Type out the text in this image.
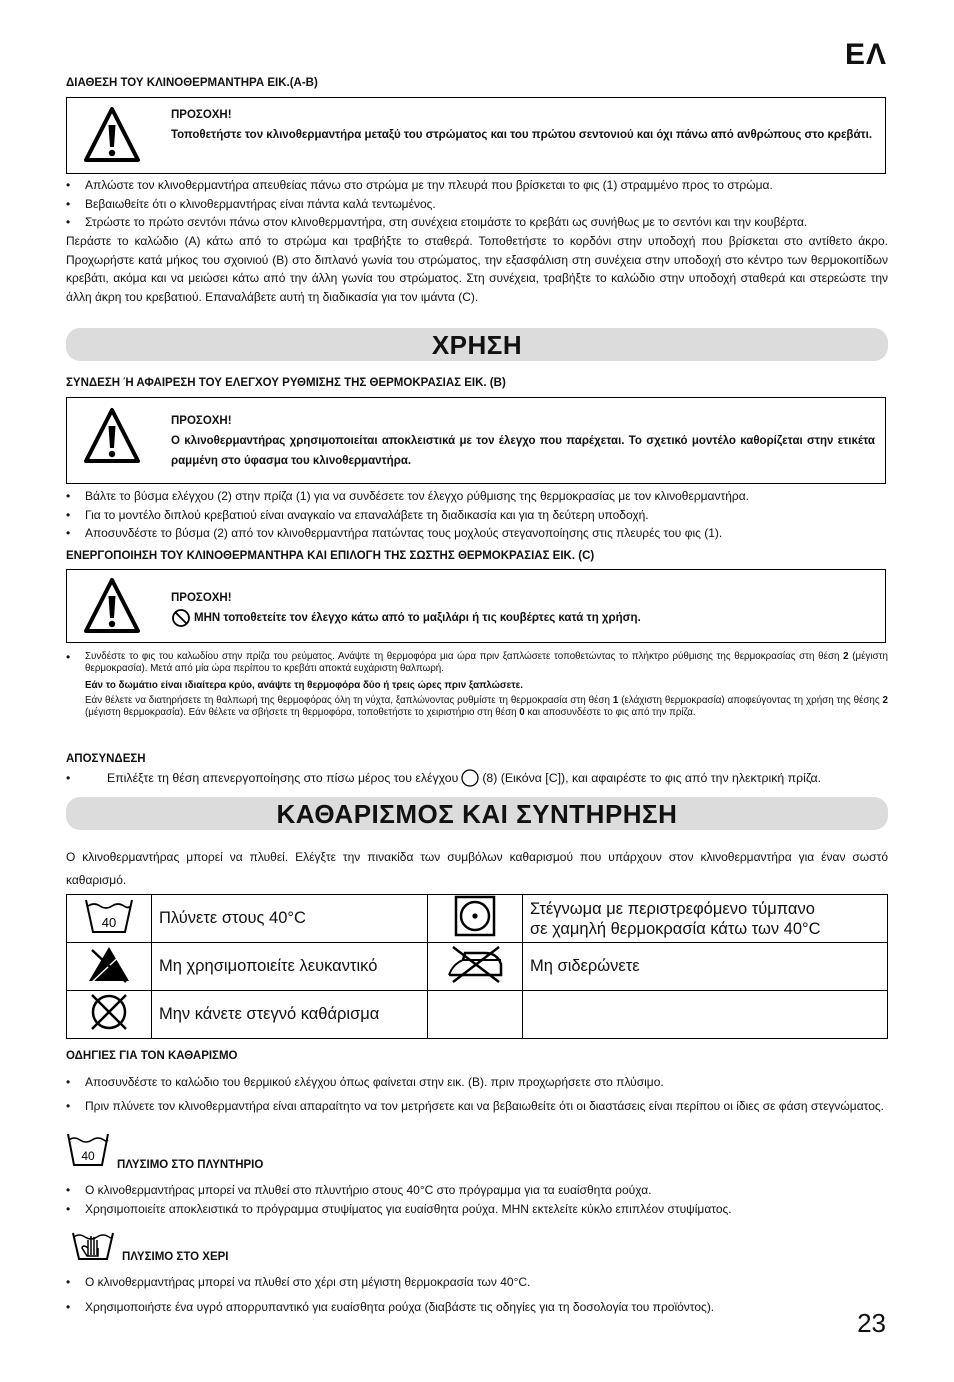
ΕΛ
23
ΔΙΑΘΕΣΗ ΤΟΥ ΚΛΙΝΟΘΕΡΜΑΝΤΗΡΑ ΕΙΚ.(A-B)
ΠΡΟΣΟΧΗ!
Τοποθετήστε τον κλινοθερμαντήρα μεταξύ του στρώματος και του πρώτου σεντονιού και όχι πάνω από ανθρώπους στο κρεβάτι.
• Απλώστε τον κλινοθερμαντήρα απευθείας πάνω στο στρώμα με την πλευρά που βρίσκεται το φις (1) στραμμένο προς το στρώμα.
• Βεβαιωθείτε ότι ο κλινοθερμαντήρας είναι πάντα καλά τεντωμένος.
• Στρώστε το πρώτο σεντόνι πάνω στον κλινοθερμαντήρα, στη συνέχεια ετοιμάστε το κρεβάτι ως συνήθως με το σεντόνι και την κουβέρτα.
Περάστε το καλώδιο (A) κάτω από το στρώμα και τραβήξτε το σταθερά. Τοποθετήστε το κορδόνι στην υποδοχή που βρίσκεται στο αντίθετο άκρο. Προχωρήστε κατά μήκος του σχοινιού (B) στο διπλανό γωνία του στρώματος, την εξασφάλιση στη συνέχεια στην υποδοχή στο κέντρο των θερμοκοιτίδων κρεβάτι, ακόμα και να μειώσει κάτω από την άλλη γωνία του στρώματος. Στη συνέχεια, τραβήξτε το καλώδιο στην υποδοχή σταθερά και στερεώστε την άλλη άκρη του κρεβατιού. Επαναλάβετε αυτή τη διαδικασία για τον ιμάντα (C).
ΧΡΗΣΗ
ΣΥΝΔΕΣΗ Ή ΑΦΑΙΡΕΣΗ ΤΟΥ ΕΛΕΓΧΟΥ ΡΥΘΜΙΣΗΣ ΤΗΣ ΘΕΡΜΟΚΡΑΣΙΑΣ ΕΙΚ. (B)
ΠΡΟΣΟΧΗ!
Ο κλινοθερμαντήρας χρησιμοποιείται αποκλειστικά με τον έλεγχο που παρέχεται. Το σχετικό μοντέλο καθορίζεται στην ετικέτα ραμμένη στο ύφασμα του κλινοθερμαντήρα.
• Βάλτε το βύσμα ελέγχου (2) στην πρίζα (1) για να συνδέσετε τον έλεγχο ρύθμισης της θερμοκρασίας με τον κλινοθερμαντήρα.
• Για το μοντέλο διπλού κρεβατιού είναι αναγκαίο να επαναλάβετε τη διαδικασία και για τη δεύτερη υποδοχή.
• Αποσυνδέστε το βύσμα (2) από τον κλινοθερμαντήρα πατώντας τους μοχλούς στεγανοποίησης στις πλευρές του φις (1).
ΕΝΕΡΓΟΠΟΙΗΣΗ ΤΟΥ ΚΛΙΝΟΘΕΡΜΑΝΤΗΡΑ ΚΑΙ ΕΠΙΛΟΓΗ ΤΗΣ ΣΩΣΤΗΣ ΘΕΡΜΟΚΡΑΣΙΑΣ ΕΙΚ. (C)
ΠΡΟΣΟΧΗ!
ΜΗΝ τοποθετείτε τον έλεγχο κάτω από το μαξιλάρι ή τις κουβέρτες κατά τη χρήση.
• Συνδέστε το φις του καλωδίου στην πρίζα του ρεύματος. Ανάψτε τη θερμοφόρα μια ώρα πριν ξαπλώσετε τοποθετώντας το πλήκτρο ρύθμισης της θερμοκρασίας στη θέση 2 (μέγιστη θερμοκρασία). Μετά από μία ώρα περίπου το κρεβάτι αποκτά ευχάριστη θαλπωρή.
Εάν το δωμάτιο είναι ιδιαίτερα κρύο, ανάψτε τη θερμοφόρα δύο ή τρεις ώρες πριν ξαπλώσετε.
Εάν θέλετε να διατηρήσετε τη θαλπωρή της θερμοφόρας όλη τη νύχτα, ξαπλώνοντας ρυθμίστε τη θερμοκρασία στη θέση 1 (ελάχιστη θερμοκρασία) αποφεύγοντας τη χρήση της θέσης 2 (μέγιστη θερμοκρασία). Εάν θέλετε να σβήσετε τη θερμοφόρα, τοποθετήστε το χειριστήριο στη θέση 0 και αποσυνδέστε το φις από την πρίζα.
ΑΠΟΣΥΝΔΕΣΗ
•	Επιλέξτε τη θέση απενεργοποίησης στο πίσω μέρος του ελέγχου (8) (Εικόνα [C]), και αφαιρέστε το φις από την ηλεκτρική πρίζα.
ΚΑΘΑΡΙΣΜΟΣ ΚΑΙ ΣΥΝΤΗΡΗΣΗ
Ο κλινοθερμαντήρας μπορεί να πλυθεί. Ελέγξτε την πινακίδα των συμβόλων καθαρισμού που υπάρχουν στον κλινοθερμαντήρα για έναν σωστό καθαρισμό.
40	Πλύνετε στους 40°C		Στέγνωμα με περιστρεφόμενο τύμπανο
σε χαμηλή θερμοκρασία κάτω των 40°C

	Μη χρησιμοποιείτε λευκαντικό		Μη σιδερώνετε
	Μην κάνετε στεγνό καθάρισμα		
ΟΔΗΓΙΕΣ ΓΙΑ ΤΟΝ ΚΑΘΑΡΙΣΜΟ
• Αποσυνδέστε το καλώδιο του θερμικού ελέγχου όπως φαίνεται στην εικ. (B). πριν προχωρήσετε στο πλύσιμο.
• Πριν πλύνετε τον κλινοθερμαντήρα είναι απαραίτητο να τον μετρήσετε και να βεβαιωθείτε ότι οι διαστάσεις είναι περίπου οι ίδιες σε φάση στεγνώματος.
40
ΠΛΥΣΙΜΟ ΣΤΟ ΠΛΥΝΤΗΡΙΟ
• Ο κλινοθερμαντήρας μπορεί να πλυθεί στο πλυντήριο στους 40°C στο πρόγραμμα για τα ευαίσθητα ρούχα.
• Χρησιμοποιείτε αποκλειστικά το πρόγραμμα στυψίματος για ευαίσθητα ρούχα. ΜΗΝ εκτελείτε κύκλο επιπλέον στυψίματος.
ΠΛΥΣΙΜΟ ΣΤΟ ΧΕΡΙ
• Ο κλινοθερμαντήρας μπορεί να πλυθεί στο χέρι στη μέγιστη θερμοκρασία των 40°C.
• Χρησιμοποιήστε ένα υγρό απορρυπαντικό για ευαίσθητα ρούχα (διαβάστε τις οδηγίες για τη δοσολογία του προϊόντος).
